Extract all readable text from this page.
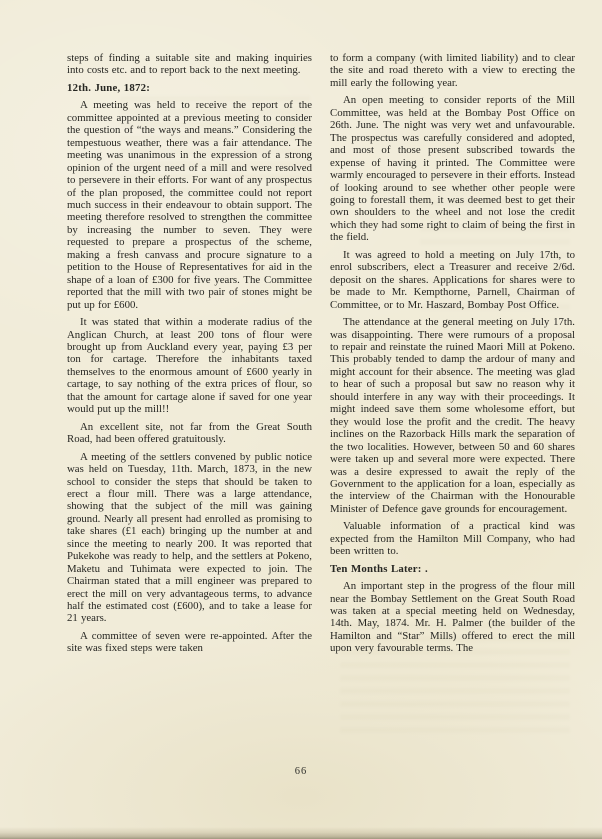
steps of finding a suitable site and making inquiries into costs etc. and to report back to the next meeting.

12th. June, 1872:

A meeting was held to receive the report of the committee appointed at a previous meeting to consider the question of “the ways and means.” Considering the tempestuous weather, there was a fair attendance. The meeting was unanimous in the expression of a strong opinion of the urgent need of a mill and were resolved to persevere in their efforts. For want of any prospectus of the plan proposed, the committee could not report much success in their endeavour to obtain support. The meeting therefore resolved to strengthen the committee by increasing the number to seven. They were requested to prepare a prospectus of the scheme, making a fresh canvass and procure signature to a petition to the House of Representatives for aid in the shape of a loan of £300 for five years. The Committee reported that the mill with two pair of stones might be put up for £600.

It was stated that within a moderate radius of the Anglican Church, at least 200 tons of flour were brought up from Auckland every year, paying £3 per ton for cartage. Therefore the inhabitants taxed themselves to the enormous amount of £600 yearly in cartage, to say nothing of the extra prices of flour, so that the amount for cartage alone if saved for one year would put up the mill!!

An excellent site, not far from the Great South Road, had been offered gratuitously.

A meeting of the settlers convened by public notice was held on Tuesday, 11th. March, 1873, in the new school to consider the steps that should be taken to erect a flour mill. There was a large attendance, showing that the subject of the mill was gaining ground. Nearly all present had enrolled as promising to take shares (£1 each) bringing up the number at and since the meeting to nearly 200. It was reported that Pukekohe was ready to help, and the settlers at Pokeno, Maketu and Tuhimata were expected to join. The Chairman stated that a mill engineer was prepared to erect the mill on very advantageous terms, to advance half the estimated cost (£600), and to take a lease for 21 years.

A committee of seven were re-appointed. After the site was fixed steps were taken

to form a company (with limited liability) and to clear the site and road thereto with a view to erecting the mill early the following year.

An open meeting to consider reports of the Mill Committee, was held at the Bombay Post Office on 26th. June. The night was very wet and unfavourable. The prospectus was carefully considered and adopted, and most of those present subscribed towards the expense of having it printed. The Committee were warmly encouraged to persevere in their efforts. Instead of looking around to see whether other people were going to forestall them, it was deemed best to get their own shoulders to the wheel and not lose the credit which they had some right to claim of being the first in the field.

It was agreed to hold a meeting on July 17th, to enrol subscribers, elect a Treasurer and receive 2/6d. deposit on the shares. Applications for shares were to be made to Mr. Kempthorne, Parnell, Chairman of Committee, or to Mr. Haszard, Bombay Post Office.

The attendance at the general meeting on July 17th. was disappointing. There were rumours of a proposal to repair and reinstate the ruined Maori Mill at Pokeno. This probably tended to damp the ardour of many and might account for their absence. The meeting was glad to hear of such a proposal but saw no reason why it should interfere in any way with their proceedings. It might indeed save them some wholesome effort, but they would lose the profit and the credit. The heavy inclines on the Razorback Hills mark the separation of the two localities. However, between 50 and 60 shares were taken up and several more were expected. There was a desire expressed to await the reply of the Government to the application for a loan, especially as the interview of the Chairman with the Honourable Minister of Defence gave grounds for encouragement.

Valuable information of a practical kind was expected from the Hamilton Mill Company, who had been written to.

Ten Months Later: .

An important step in the progress of the flour mill near the Bombay Settlement on the Great South Road was taken at a special meeting held on Wednesday, 14th. May, 1874. Mr. H. Palmer (the builder of the Hamilton and “Star” Mills) offered to erect the mill upon very favourable terms. The

66
